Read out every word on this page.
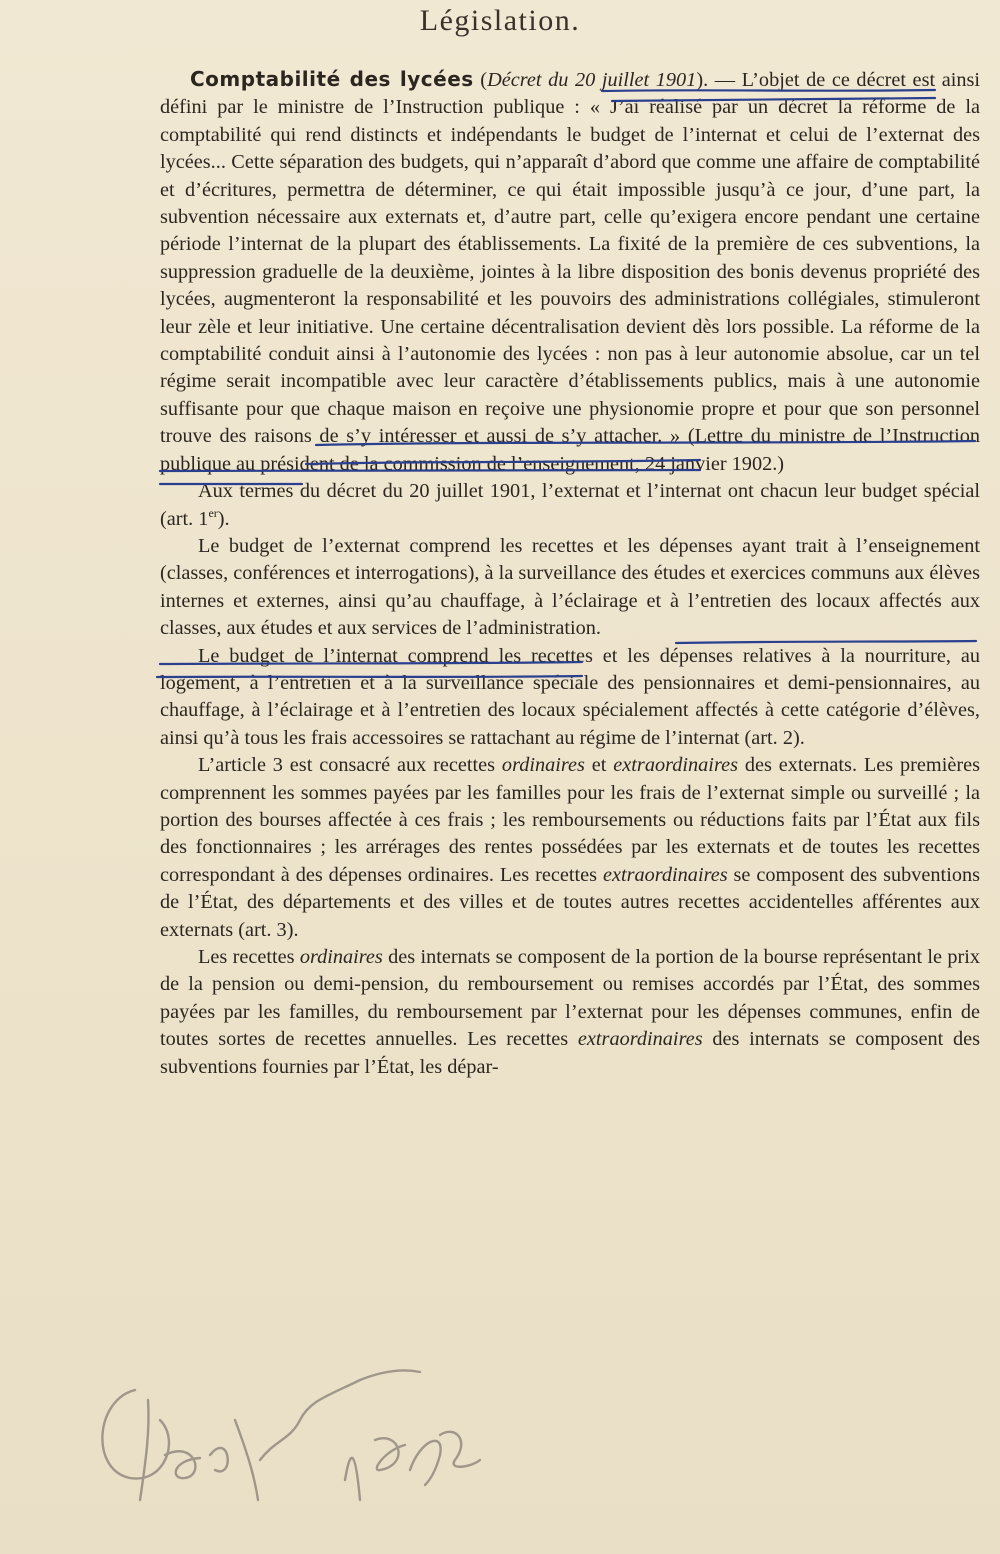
Législation.

Comptabilité des lycées (Décret du 20 juillet 1901). — L’objet de ce décret est ainsi défini par le ministre de l’Instruction publique : « J’ai réalisé par un décret la réforme de la comptabilité qui rend distincts et indépendants le budget de l’internat et celui de l’externat des lycées... Cette séparation des budgets, qui n’apparaît d’abord que comme une affaire de comptabilité et d’écritures, permettra de déterminer, ce qui était impossible jusqu’à ce jour, d’une part, la subvention nécessaire aux externats et, d’autre part, celle qu’exigera encore pendant une certaine période l’internat de la plupart des établissements. La fixité de la première de ces subventions, la suppression graduelle de la deuxième, jointes à la libre disposition des bonis devenus propriété des lycées, augmenteront la responsabilité et les pouvoirs des administrations collégiales, stimuleront leur zèle et leur initiative. Une certaine décentralisation devient dès lors possible. La réforme de la comptabilité conduit ainsi à l’autonomie des lycées : non pas à leur autonomie absolue, car un tel régime serait incompatible avec leur caractère d’établissements publics, mais à une autonomie suffisante pour que chaque maison en reçoive une physionomie propre et pour que son personnel trouve des raisons de s’y intéresser et aussi de s’y attacher. » (Lettre du ministre de l’Instruction publique au président de la commission de l’enseignement, 24 janvier 1902.)

Aux termes du décret du 20 juillet 1901, l’externat et l’internat ont chacun leur budget spécial (art. 1er).

Le budget de l’externat comprend les recettes et les dépenses ayant trait à l’enseignement (classes, conférences et interrogations), à la surveillance des études et exercices communs aux élèves internes et externes, ainsi qu’au chauffage, à l’éclairage et à l’entretien des locaux affectés aux classes, aux études et aux services de l’administration.

Le budget de l’internat comprend les recettes et les dépenses relatives à la nourriture, au logement, à l’entretien et à la surveillance spéciale des pensionnaires et demi-pensionnaires, au chauffage, à l’éclairage et à l’entretien des locaux spécialement affectés à cette catégorie d’élèves, ainsi qu’à tous les frais accessoires se rattachant au régime de l’internat (art. 2).

L’article 3 est consacré aux recettes ordinaires et extraordinaires des externats. Les premières comprennent les sommes payées par les familles pour les frais de l’externat simple ou surveillé ; la portion des bourses affectée à ces frais ; les remboursements ou réductions faits par l’État aux fils des fonctionnaires ; les arrérages des rentes possédées par les externats et de toutes les recettes correspondant à des dépenses ordinaires. Les recettes extraordinaires se composent des subventions de l’État, des départements et des villes et de toutes autres recettes accidentelles afférentes aux externats (art. 3).

Les recettes ordinaires des internats se composent de la portion de la bourse représentant le prix de la pension ou demi-pension, du remboursement ou remises accordés par l’État, des sommes payées par les familles, du remboursement par l’externat pour les dépenses communes, enfin de toutes sortes de recettes annuelles. Les recettes extraordinaires des internats se composent des subventions fournies par l’État, les dépar-
